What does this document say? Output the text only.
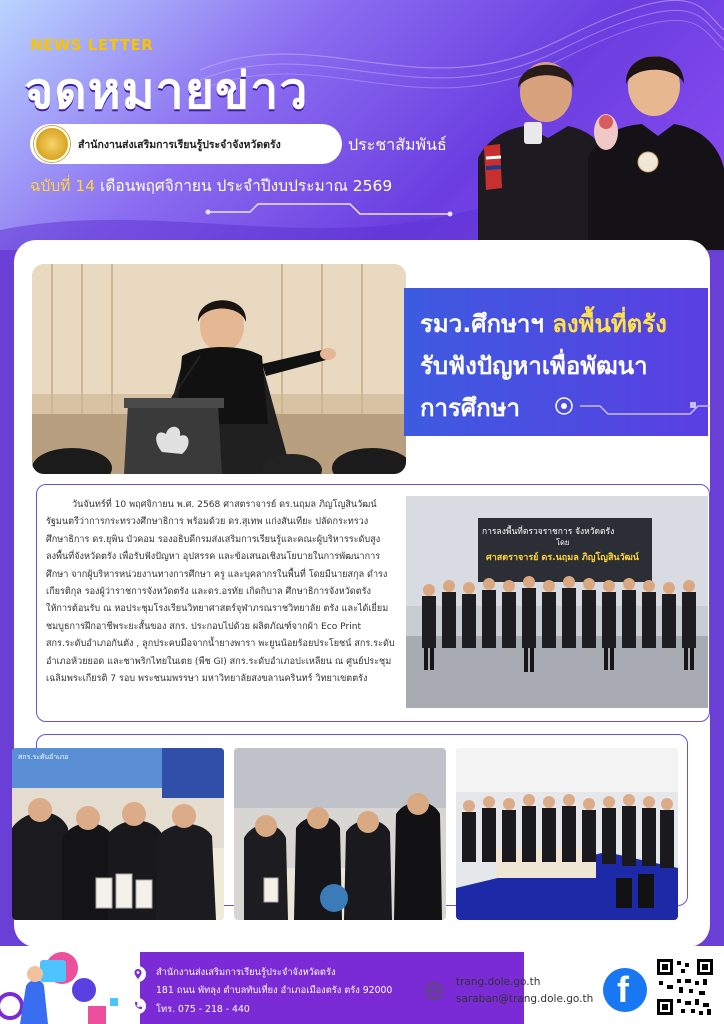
NEWS LETTER
จดหมายข่าว
สำนักงานส่งเสริมการเรียนรู้ประจำจังหวัดตรัง	ประชาสัมพันธ์
ฉบับที่ 14 เดือนพฤศจิกายน ประจำปีงบประมาณ 2569
รมว.ศึกษาฯ ลงพื้นที่ตรัง
รับฟังปัญหาเพื่อพัฒนา
การศึกษา

วันจันทร์ที่ 10 พฤศจิกายน พ.ศ. 2568 ศาสตราจารย์ ดร.นฤมล ภิญโญสินวัฒน์ รัฐมนตรีว่าการกระทรวงศึกษาธิการ พร้อมด้วย ดร.สุเทพ แก่งสันเทียะ ปลัดกระทรวงศึกษาธิการ ดร.ยุพิน บัวคอม รองอธิบดีกรมส่งเสริมการเรียนรู้และคณะผู้บริหารระดับสูง ลงพื้นที่จังหวัดตรัง เพื่อรับฟังปัญหา อุปสรรค และข้อเสนอเชิงนโยบายในการพัฒนาการศึกษา จากผู้บริหารหน่วยงานทางการศึกษา ครู และบุคลากรในพื้นที่ โดยมีนายสกุล ดำรงเกียรติกุล รองผู้ว่าราชการจังหวัดตรัง และดร.อรทัย เกิดกิบาล ศึกษาธิการจังหวัดตรัง ให้การต้อนรับ ณ หอประชุมโรงเรียนวิทยาศาสตร์จุฬาภรณราชวิทยาลัย ตรัง และได้เยี่ยมชมบูธการฝึกอาชีพระยะสั้นของ สกร. ประกอบไปด้วย ผลิตภัณฑ์จากผ้า Eco Print สกร.ระดับอำเภอกันตัง , ลูกประคบมือจากน้ำยางพารา พะยูนน้อยร้อยประโยชน์ สกร.ระดับอำเภอห้วยยอด และชาพริกไทยในเตย (พืช GI) สกร.ระดับอำเภอปะเหลียน ณ ศูนย์ประชุมเฉลิมพระเกียรติ 7 รอบ พระชนมพรรษา มหาวิทยาลัยสงขลานครินทร์ วิทยาเขตตรัง

การลงพื้นที่ตรวจราชการ จังหวัดตรัง
โดย
ศาสตราจารย์ ดร.นฤมล ภิญโญสินวัฒน์
สกร.ระดับอำเภอ
สำนักงานส่งเสริมการเรียนรู้ประจำจังหวัดตรัง
181 ถนน พัทลุง ตำบลทับเที่ยง อำเภอเมืองตรัง ตรัง 92000
โทร. 075 - 218 - 440
trang.dole.go.th
saraban@trang.dole.go.th f
